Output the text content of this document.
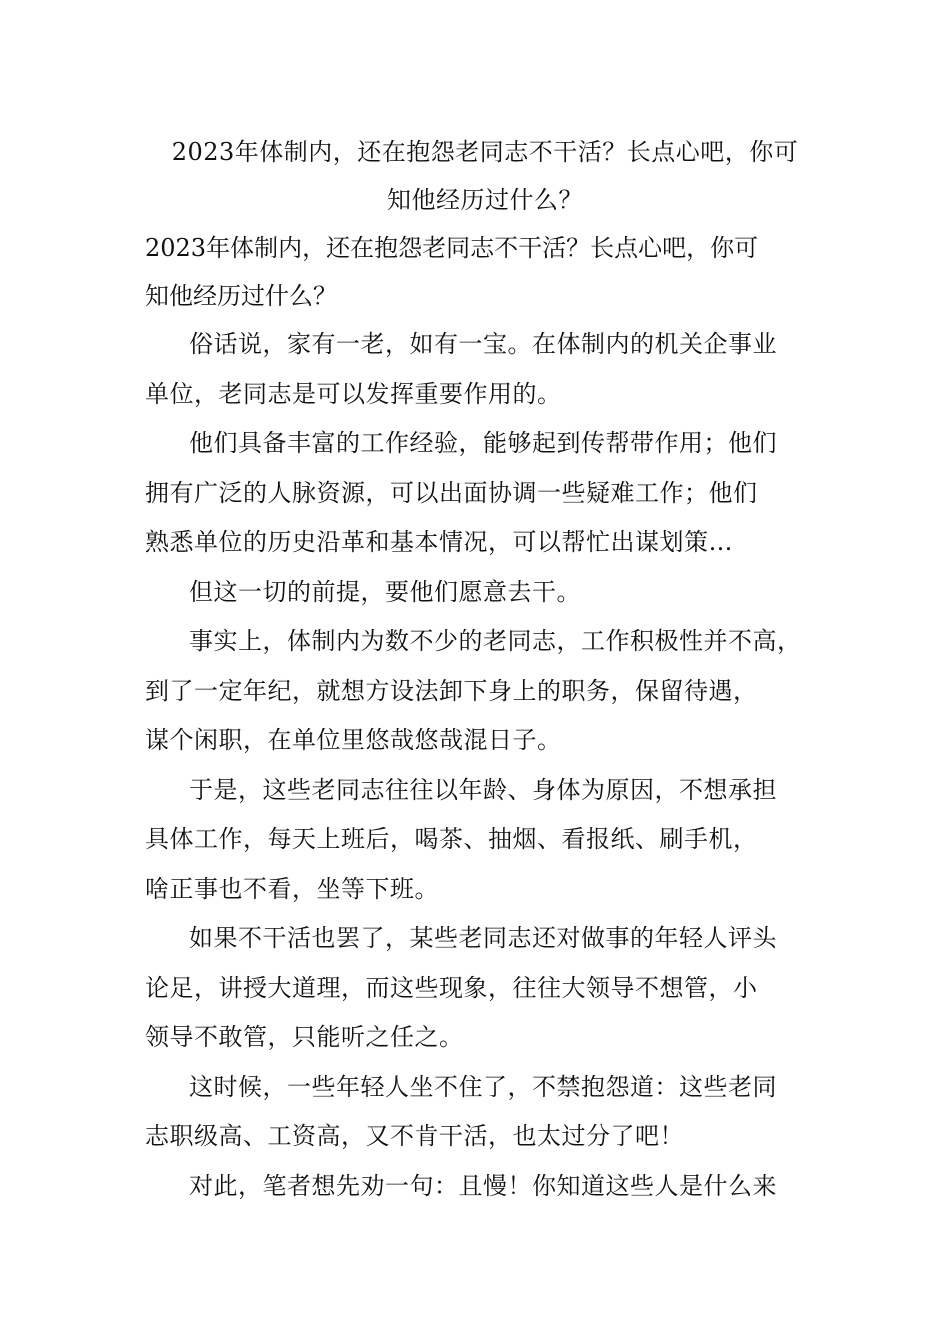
2023年体制内，还在抱怨老同志不干活？长点心吧，你可
知他经历过什么？

2023年体制内，还在抱怨老同志不干活？长点心吧，你可
知他经历过什么？

俗话说，家有一老，如有一宝。在体制内的机关企事业
单位，老同志是可以发挥重要作用的。

他们具备丰富的工作经验，能够起到传帮带作用；他们
拥有广泛的人脉资源，可以出面协调一些疑难工作；他们
熟悉单位的历史沿革和基本情况，可以帮忙出谋划策…

但这一切的前提，要他们愿意去干。

事实上，体制内为数不少的老同志，工作积极性并不高，
到了一定年纪，就想方设法卸下身上的职务，保留待遇，
谋个闲职，在单位里悠哉悠哉混日子。

于是，这些老同志往往以年龄、身体为原因，不想承担
具体工作，每天上班后，喝茶、抽烟、看报纸、刷手机，
啥正事也不看，坐等下班。

如果不干活也罢了，某些老同志还对做事的年轻人评头
论足，讲授大道理，而这些现象，往往大领导不想管，小
领导不敢管，只能听之任之。

这时候，一些年轻人坐不住了，不禁抱怨道：这些老同
志职级高、工资高，又不肯干活，也太过分了吧！

对此，笔者想先劝一句：且慢！你知道这些人是什么来
